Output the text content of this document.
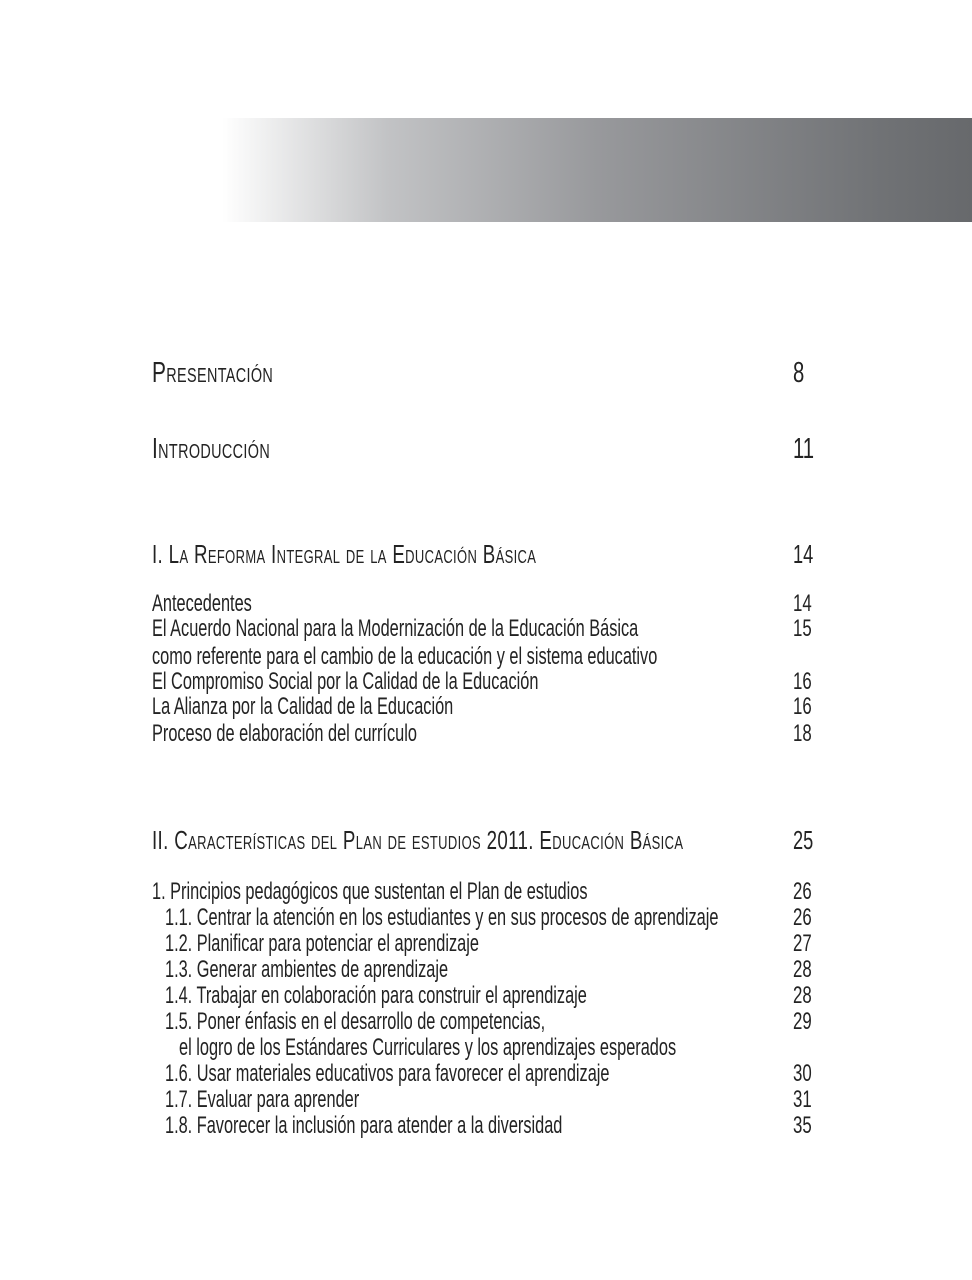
ÍNDICE
Presentación	8
Introducción	11
I. La Reforma Integral de la Educación Básica	14
Antecedentes	14
El Acuerdo Nacional para la Modernización de la Educación Básica	15
como referente para el cambio de la educación y el sistema educativo
El Compromiso Social por la Calidad de la Educación	16
La Alianza por la Calidad de la Educación	16
Proceso de elaboración del currículo	18
II. Características del Plan de estudios 2011. Educación Básica	25
1. Principios pedagógicos que sustentan el Plan de estudios	26
1.1. Centrar la atención en los estudiantes y en sus procesos de aprendizaje	26
1.2. Planificar para potenciar el aprendizaje	27
1.3. Generar ambientes de aprendizaje	28
1.4. Trabajar en colaboración para construir el aprendizaje	28
1.5. Poner énfasis en el desarrollo de competencias,	29
el logro de los Estándares Curriculares y los aprendizajes esperados
1.6. Usar materiales educativos para favorecer el aprendizaje	30
1.7. Evaluar para aprender	31
1.8. Favorecer la inclusión para atender a la diversidad	35
